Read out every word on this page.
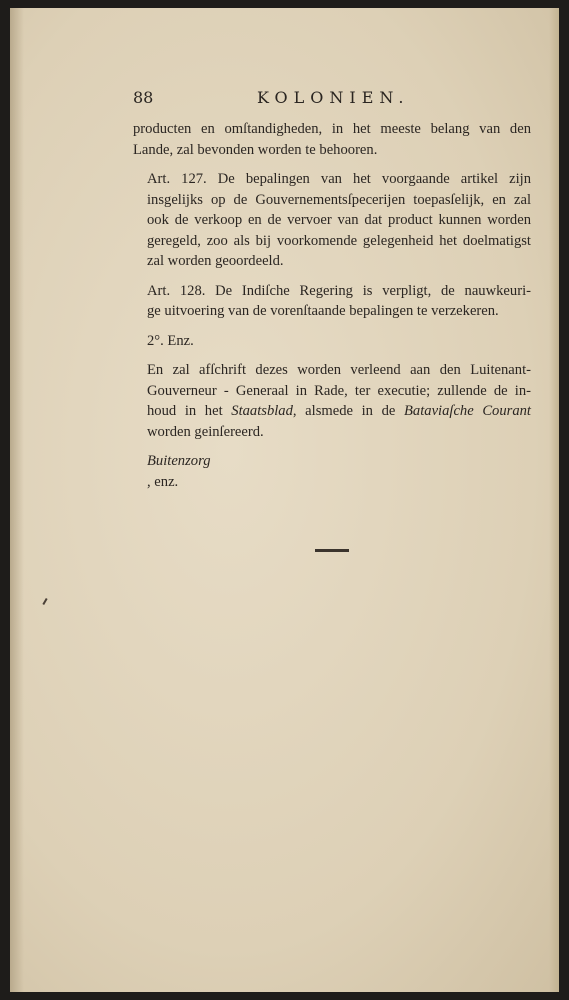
88	KOLONIEN.

producten en omſtandigheden, in het meeste belang van den
Lande, zal bevonden worden te behooren.

Art. 127. De bepalingen van het voorgaande artikel zijn
insgelijks op de Gouvernementsſpecerijen toepasſelijk, en zal
ook de verkoop en de vervoer van dat product kunnen worden
geregeld, zoo als bij voorkomende gelegenheid het doelmatigst
zal worden geoordeeld.

Art. 128. De Indiſche Regering is verpligt, de nauwkeuri-
ge uitvoering van de vorenſtaande bepalingen te verzekeren.

2°. Enz.

En zal afſchrift dezes worden verleend aan den Luitenant-
Gouverneur - Generaal in Rade, ter executie; zullende de in-
houd in het Staatsblad, alsmede in de Bataviaſche Courant
worden geinſereerd.

Buitenzorg
, enz.
